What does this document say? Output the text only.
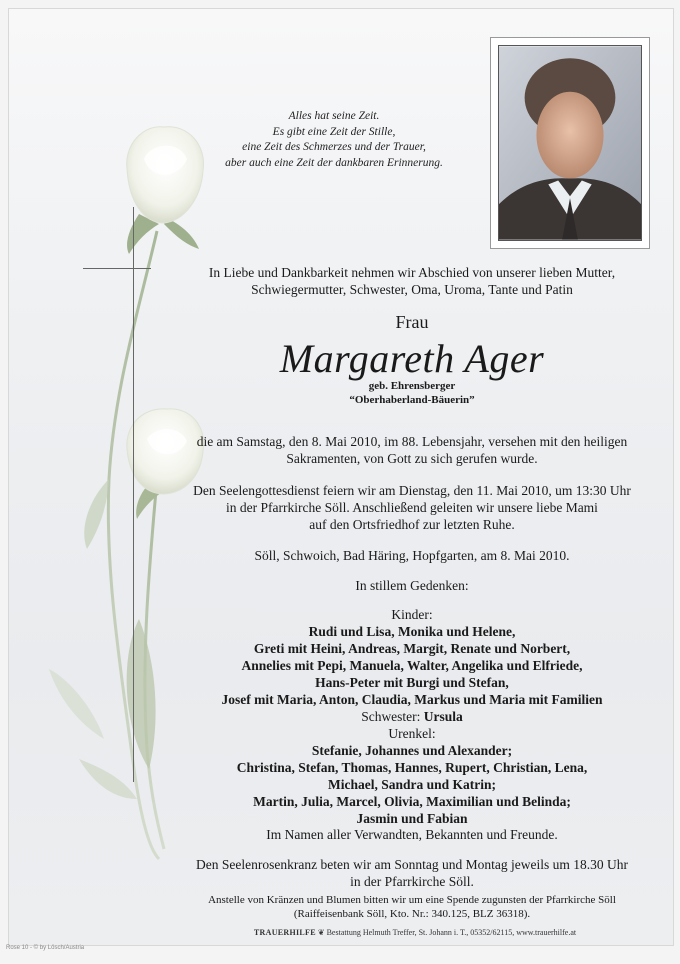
Alles hat seine Zeit.
Es gibt eine Zeit der Stille,
eine Zeit des Schmerzes und der Trauer,
aber auch eine Zeit der dankbaren Erinnerung.
In Liebe und Dankbarkeit nehmen wir Abschied von unserer lieben Mutter,
Schwiegermutter, Schwester, Oma, Uroma, Tante und Patin
Frau
Margareth Ager
geb. Ehrensberger
“Oberhaberland-Bäuerin”
die am Samstag, den 8. Mai 2010, im 88. Lebensjahr, versehen mit den heiligen
Sakramenten, von Gott zu sich gerufen wurde.
Den Seelengottesdienst feiern wir am Dienstag, den 11. Mai 2010, um 13:30 Uhr
in der Pfarrkirche Söll. Anschließend geleiten wir unsere liebe Mami
auf den Ortsfriedhof zur letzten Ruhe.
Söll, Schwoich, Bad Häring, Hopfgarten, am 8. Mai 2010.
In stillem Gedenken:
Kinder:
Rudi und Lisa, Monika und Helene,
Greti mit Heini, Andreas, Margit, Renate und Norbert,
Annelies mit Pepi, Manuela, Walter, Angelika und Elfriede,
Hans-Peter mit Burgi und Stefan,
Josef mit Maria, Anton, Claudia, Markus und Maria mit Familien
Schwester: Ursula
Urenkel:
Stefanie, Johannes und Alexander;
Christina, Stefan, Thomas, Hannes, Rupert, Christian, Lena,
Michael, Sandra und Katrin;
Martin, Julia, Marcel, Olivia, Maximilian und Belinda;
Jasmin und Fabian
Im Namen aller Verwandten, Bekannten und Freunde.
Den Seelenrosenkranz beten wir am Sonntag und Montag jeweils um 18.30 Uhr
in der Pfarrkirche Söll.
Anstelle von Kränzen und Blumen bitten wir um eine Spende zugunsten der Pfarrkirche Söll
(Raiffeisenbank Söll, Kto. Nr.: 340.125, BLZ 36318).
TRAUERHILFE ❦ Bestattung Helmuth Treffer, St. Johann i. T., 05352/62115, www.trauerhilfe.at
Rose 10 - © by Lösch/Austria
